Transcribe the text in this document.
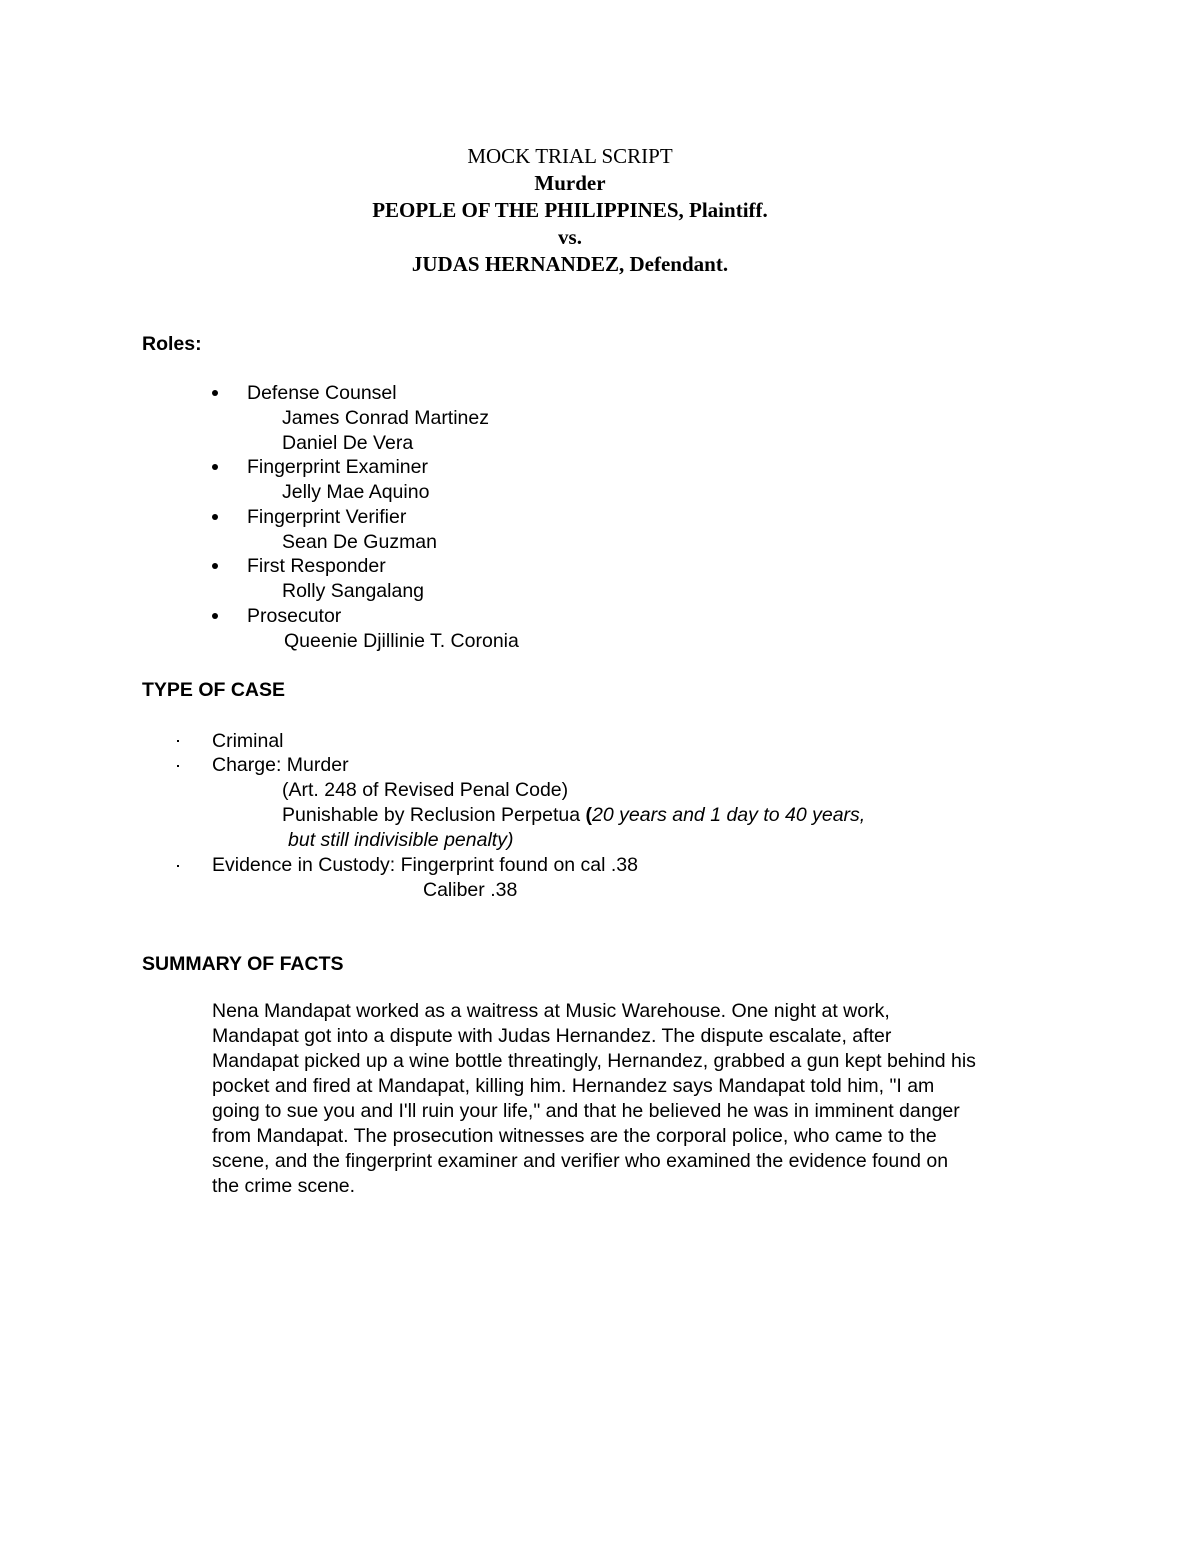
MOCK TRIAL SCRIPT
Murder
PEOPLE OF THE PHILIPPINES, Plaintiff.
vs.
JUDAS HERNANDEZ, Defendant.
Roles:
Defense Counsel
James Conrad Martinez
Daniel De Vera
Fingerprint Examiner
Jelly Mae Aquino
Fingerprint Verifier
Sean De Guzman
First Responder
Rolly Sangalang
Prosecutor
Queenie Djillinie T. Coronia
TYPE OF CASE
Criminal
Charge: Murder
(Art. 248 of Revised Penal Code)
Punishable by Reclusion Perpetua (20 years and 1 day to 40 years,
but still indivisible penalty)
Evidence in Custody: Fingerprint found on cal .38
Caliber .38
SUMMARY OF FACTS
Nena Mandapat worked as a waitress at Music Warehouse. One night at work,
Mandapat got into a dispute with Judas Hernandez. The dispute escalate, after
Mandapat picked up a wine bottle threatingly, Hernandez, grabbed a gun kept behind his
pocket and fired at Mandapat, killing him. Hernandez says Mandapat told him, "I am
going to sue you and I'll ruin your life," and that he believed he was in imminent danger
from Mandapat. The prosecution witnesses are the corporal police, who came to the
scene, and the fingerprint examiner and verifier who examined the evidence found on
the crime scene.
